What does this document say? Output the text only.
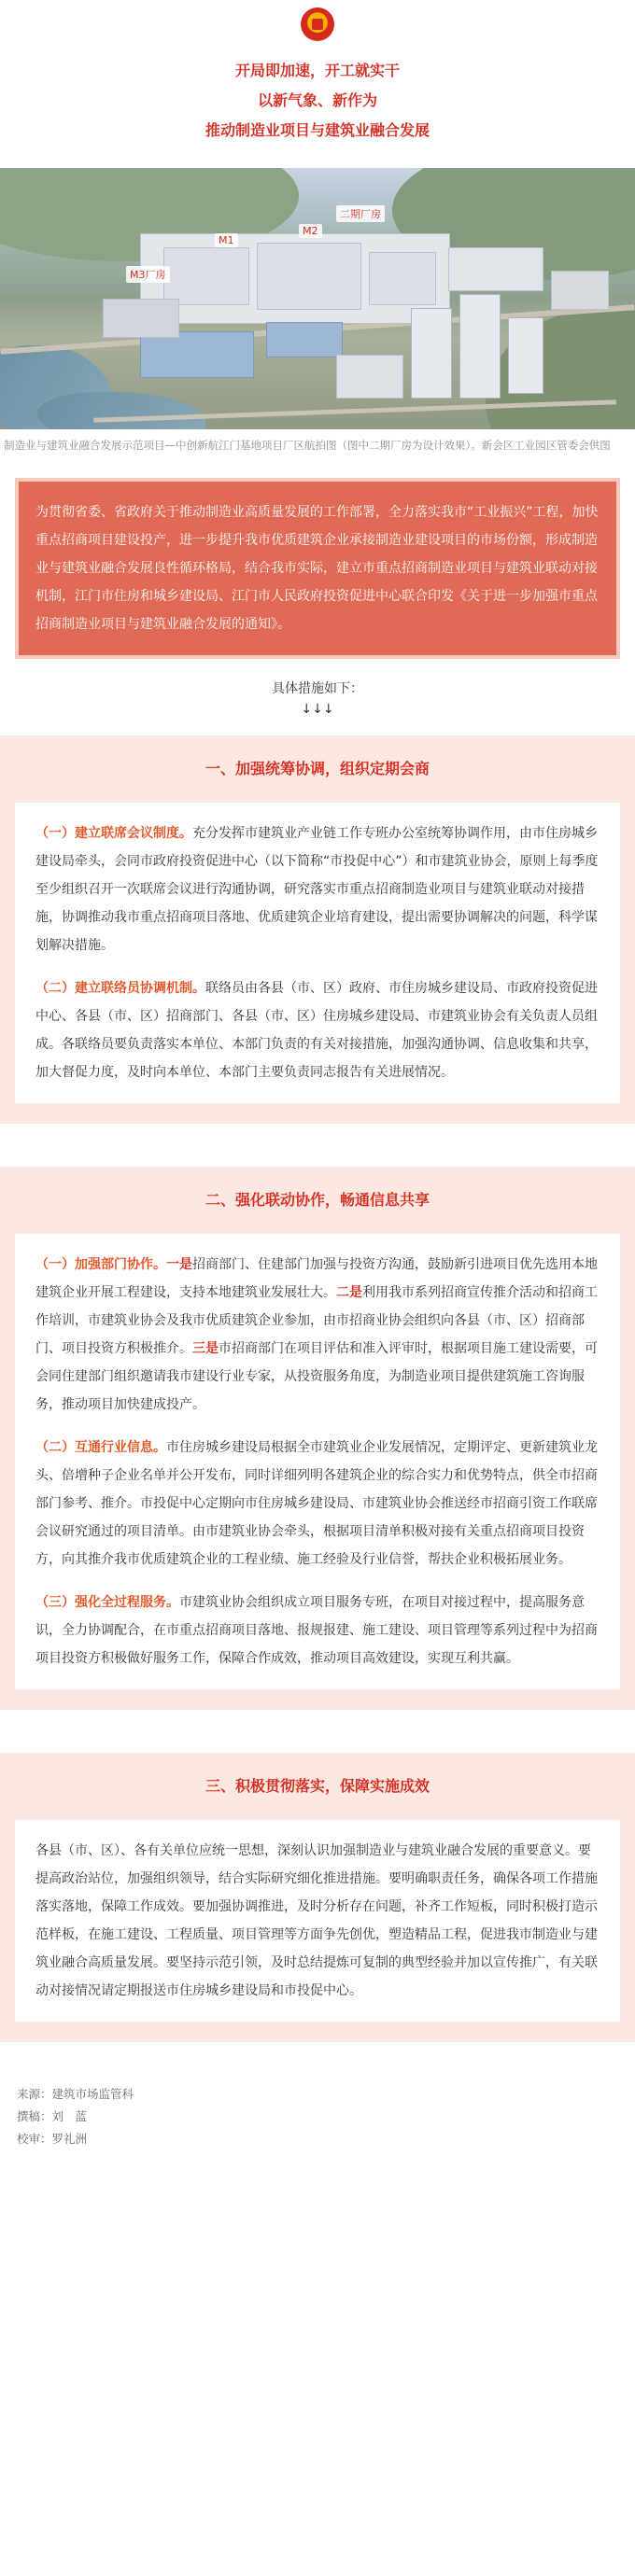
开局即加速，开工就实干
以新气象、新作为
推动制造业项目与建筑业融合发展
M3厂房
M1
M2
二期厂房
制造业与建筑业融合发展示范项目—中创新航江门基地项目厂区航拍图（图中二期厂房为设计效果）。新会区工业园区管委会供图
为贯彻省委、省政府关于推动制造业高质量发展的工作部署，全力落实我市“工业振兴”工程，加快重点招商项目建设投产，进一步提升我市优质建筑企业承接制造业建设项目的市场份额，形成制造业与建筑业融合发展良性循环格局，结合我市实际，建立市重点招商制造业项目与建筑业联动对接机制，江门市住房和城乡建设局、江门市人民政府投资促进中心联合印发《关于进一步加强市重点招商制造业项目与建筑业融合发展的通知》。
具体措施如下：
↓↓↓
一、加强统筹协调，组织定期会商

（一）建立联席会议制度。充分发挥市建筑业产业链工作专班办公室统筹协调作用，由市住房城乡建设局牵头，会同市政府投资促进中心（以下简称“市投促中心”）和市建筑业协会，原则上每季度至少组织召开一次联席会议进行沟通协调，研究落实市重点招商制造业项目与建筑业联动对接措施，协调推动我市重点招商项目落地、优质建筑企业培育建设，提出需要协调解决的问题，科学谋划解决措施。

（二）建立联络员协调机制。联络员由各县（市、区）政府、市住房城乡建设局、市政府投资促进中心、各县（市、区）招商部门、各县（市、区）住房城乡建设局、市建筑业协会有关负责人员组成。各联络员要负责落实本单位、本部门负责的有关对接措施，加强沟通协调、信息收集和共享，加大督促力度，及时向本单位、本部门主要负责同志报告有关进展情况。

二、强化联动协作，畅通信息共享

（一）加强部门协作。一是招商部门、住建部门加强与投资方沟通，鼓励新引进项目优先选用本地建筑企业开展工程建设，支持本地建筑业发展壮大。二是利用我市系列招商宣传推介活动和招商工作培训，市建筑业协会及我市优质建筑企业参加，由市招商业协会组织向各县（市、区）招商部门、项目投资方积极推介。三是市招商部门在项目评估和准入评审时，根据项目施工建设需要，可会同住建部门组织邀请我市建设行业专家，从投资服务角度，为制造业项目提供建筑施工咨询服务，推动项目加快建成投产。

（二）互通行业信息。市住房城乡建设局根据全市建筑业企业发展情况，定期评定、更新建筑业龙头、倍增种子企业名单并公开发布，同时详细列明各建筑企业的综合实力和优势特点，供全市招商部门参考、推介。市投促中心定期向市住房城乡建设局、市建筑业协会推送经市招商引资工作联席会议研究通过的项目清单。由市建筑业协会牵头，根据项目清单积极对接有关重点招商项目投资方，向其推介我市优质建筑企业的工程业绩、施工经验及行业信誉，帮扶企业积极拓展业务。

（三）强化全过程服务。市建筑业协会组织成立项目服务专班，在项目对接过程中，提高服务意识，全力协调配合，在市重点招商项目落地、报规报建、施工建设、项目管理等系列过程中为招商项目投资方积极做好服务工作，保障合作成效，推动项目高效建设，实现互利共赢。

三、积极贯彻落实，保障实施成效

各县（市、区）、各有关单位应统一思想，深刻认识加强制造业与建筑业融合发展的重要意义。要提高政治站位，加强组织领导，结合实际研究细化推进措施。要明确职责任务，确保各项工作措施落实落地，保障工作成效。要加强协调推进，及时分析存在问题，补齐工作短板，同时积极打造示范样板，在施工建设、工程质量、项目管理等方面争先创优，塑造精品工程，促进我市制造业与建筑业融合高质量发展。要坚持示范引领，及时总结提炼可复制的典型经验并加以宣传推广，有关联动对接情况请定期报送市住房城乡建设局和市投促中心。

来源：建筑市场监管科
撰稿：刘　蓝
校审：罗礼洲
